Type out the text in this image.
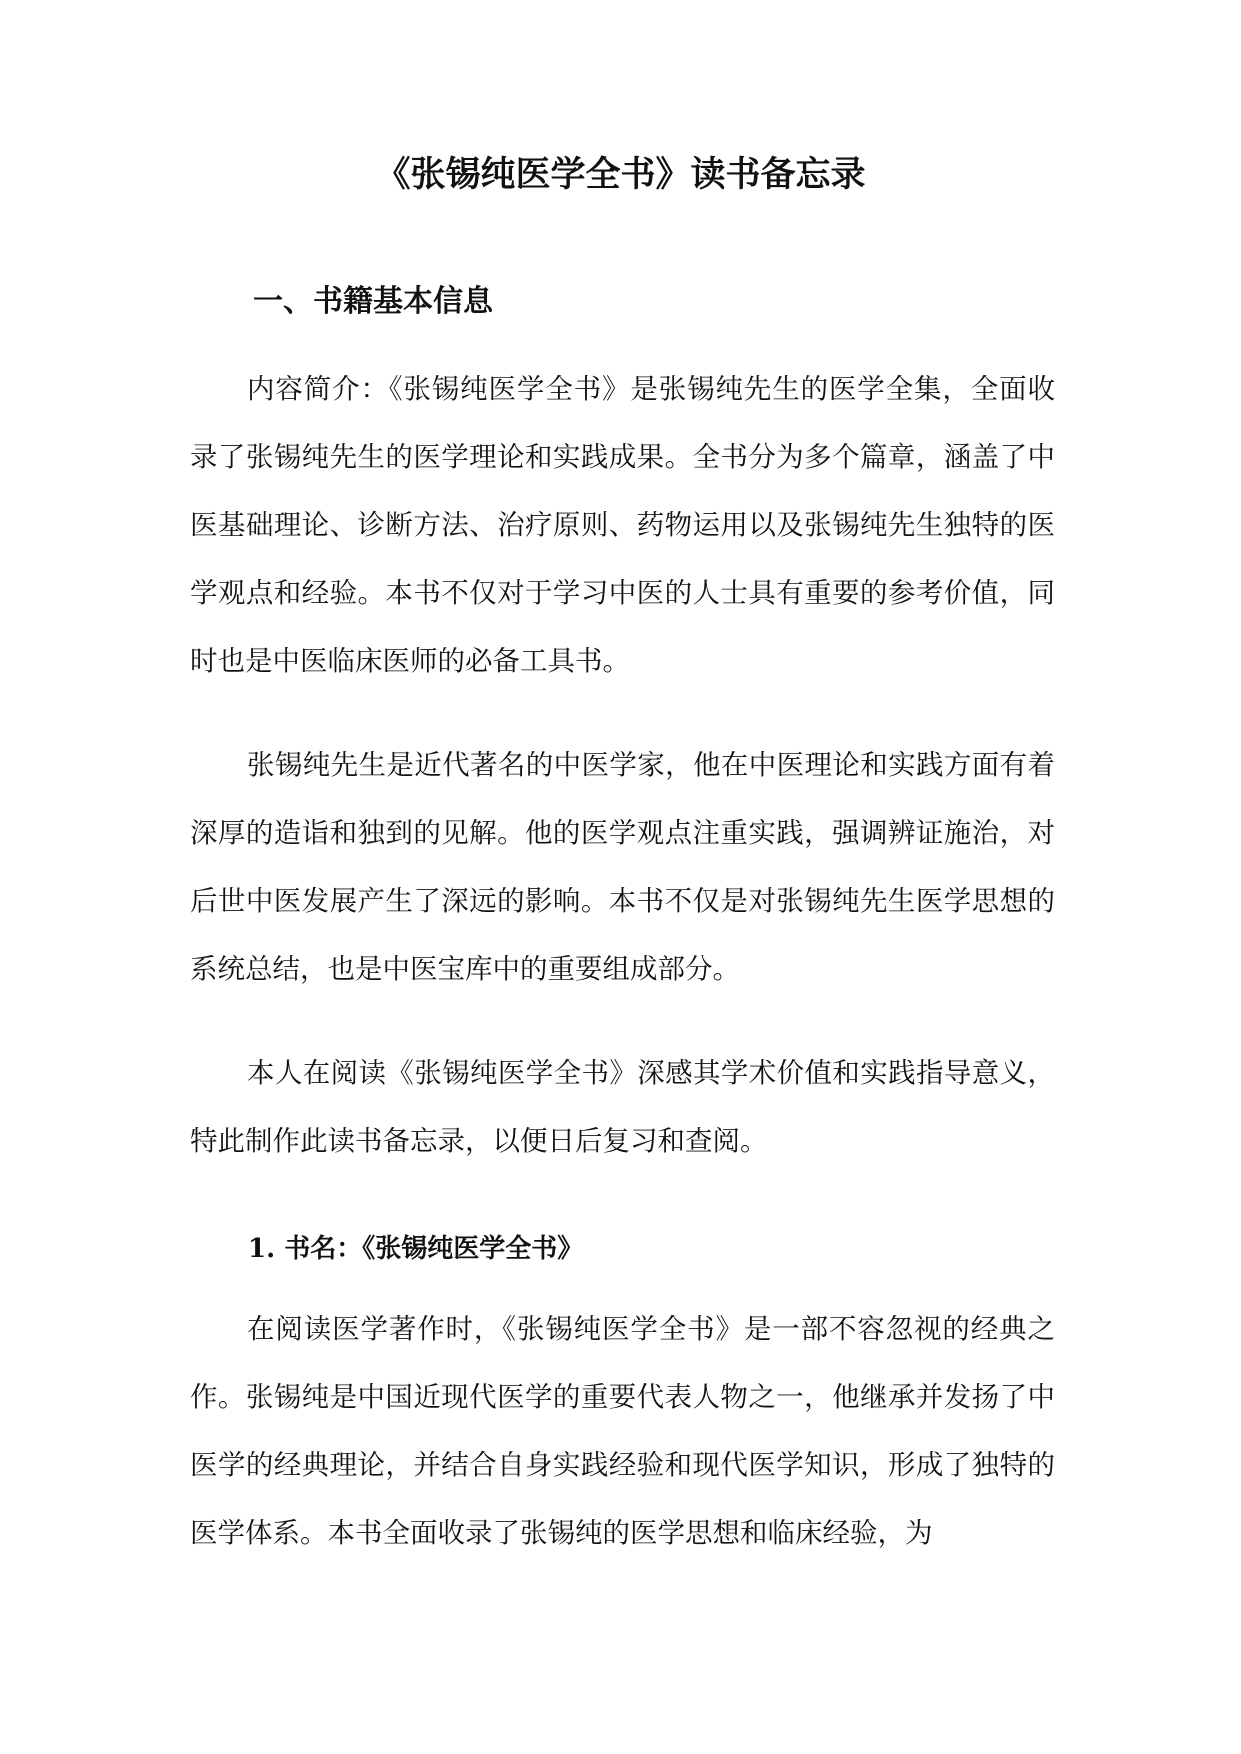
《张锡纯医学全书》读书备忘录
一、书籍基本信息

内容简介：《张锡纯医学全书》是张锡纯先生的医学全集，全面收录了张锡纯先生的医学理论和实践成果。全书分为多个篇章，涵盖了中医基础理论、诊断方法、治疗原则、药物运用以及张锡纯先生独特的医学观点和经验。本书不仅对于学习中医的人士具有重要的参考价值，同时也是中医临床医师的必备工具书。

张锡纯先生是近代著名的中医学家，他在中医理论和实践方面有着深厚的造诣和独到的见解。他的医学观点注重实践，强调辨证施治，对后世中医发展产生了深远的影响。本书不仅是对张锡纯先生医学思想的系统总结，也是中医宝库中的重要组成部分。

本人在阅读《张锡纯医学全书》深感其学术价值和实践指导意义，特此制作此读书备忘录，以便日后复习和查阅。

1. 书名：《张锡纯医学全书》

在阅读医学著作时，《张锡纯医学全书》是一部不容忽视的经典之作。张锡纯是中国近现代医学的重要代表人物之一，他继承并发扬了中医学的经典理论，并结合自身实践经验和现代医学知识，形成了独特的医学体系。本书全面收录了张锡纯的医学思想和临床经验，为
